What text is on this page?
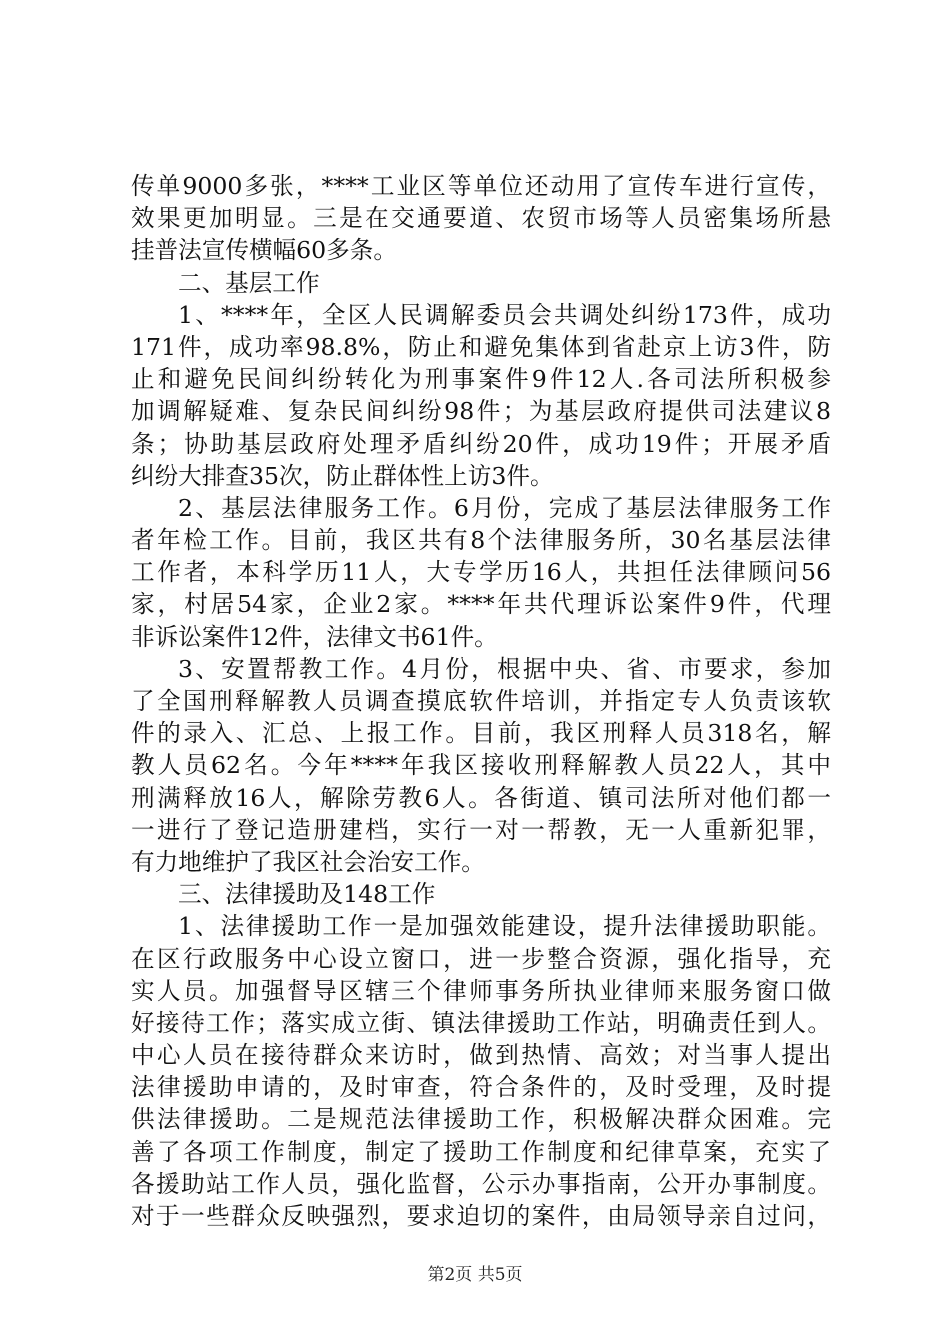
传单9000多张，****工业区等单位还动用了宣传车进行宣传，
效果更加明显。三是在交通要道、农贸市场等人员密集场所悬
挂普法宣传横幅60多条。
二、基层工作
1、****年，全区人民调解委员会共调处纠纷173件，成功
171件，成功率98.8%，防止和避免集体到省赴京上访3件，防
止和避免民间纠纷转化为刑事案件9件12人.各司法所积极参
加调解疑难、复杂民间纠纷98件；为基层政府提供司法建议8
条；协助基层政府处理矛盾纠纷20件，成功19件；开展矛盾
纠纷大排查35次，防止群体性上访3件。
2、基层法律服务工作。6月份，完成了基层法律服务工作
者年检工作。目前，我区共有8个法律服务所，30名基层法律
工作者，本科学历11人，大专学历16人，共担任法律顾问56
家，村居54家，企业2家。****年共代理诉讼案件9件，代理
非诉讼案件12件，法律文书61件。
3、安置帮教工作。4月份，根据中央、省、市要求，参加
了全国刑释解教人员调查摸底软件培训，并指定专人负责该软
件的录入、汇总、上报工作。目前，我区刑释人员318名，解
教人员62名。今年****年我区接收刑释解教人员22人，其中
刑满释放16人，解除劳教6人。各街道、镇司法所对他们都一
一进行了登记造册建档，实行一对一帮教，无一人重新犯罪，
有力地维护了我区社会治安工作。
三、法律援助及148工作
1、法律援助工作一是加强效能建设，提升法律援助职能。
在区行政服务中心设立窗口，进一步整合资源，强化指导，充
实人员。加强督导区辖三个律师事务所执业律师来服务窗口做
好接待工作；落实成立街、镇法律援助工作站，明确责任到人。
中心人员在接待群众来访时，做到热情、高效；对当事人提出
法律援助申请的，及时审查，符合条件的，及时受理，及时提
供法律援助。二是规范法律援助工作，积极解决群众困难。完
善了各项工作制度，制定了援助工作制度和纪律草案，充实了
各援助站工作人员，强化监督，公示办事指南，公开办事制度。
对于一些群众反映强烈，要求迫切的案件，由局领导亲自过问，
第2页 共5页
